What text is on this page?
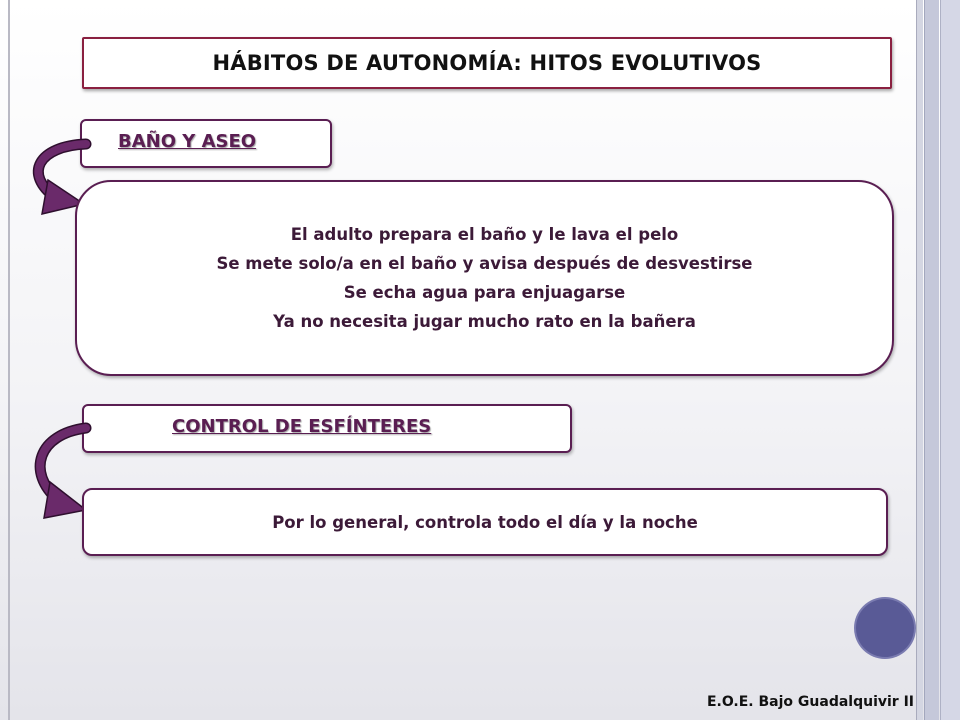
HÁBITOS DE AUTONOMÍA: HITOS EVOLUTIVOS
BAÑO Y ASEO
El adulto prepara el baño y le lava el pelo
Se mete solo/a en el baño y avisa después de desvestirse
Se echa agua para enjuagarse
Ya no necesita jugar mucho rato en la bañera
CONTROL DE ESFÍNTERES
Por lo general, controla todo el día y la noche
E.O.E. Bajo Guadalquivir II
